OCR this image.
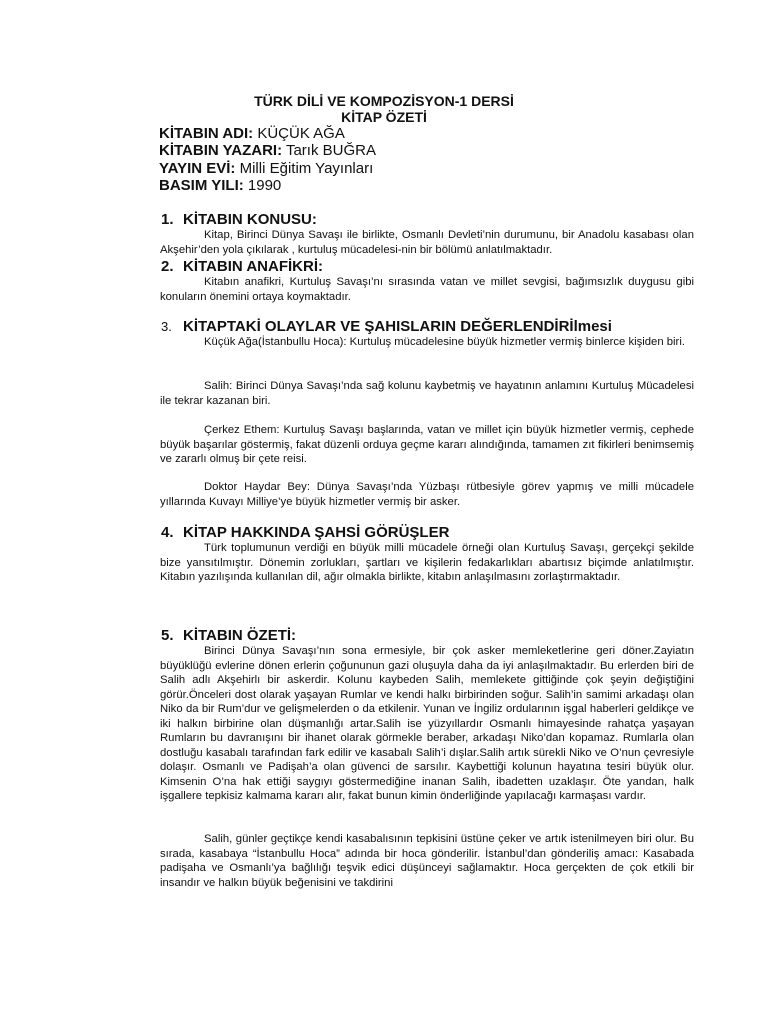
TÜRK DİLİ VE KOMPOZİSYON-1 DERSİ
KİTAP ÖZETİ
KİTABIN ADI: KÜÇÜK AĞA
KİTABIN YAZARI: Tarık BUĞRA
YAYIN EVİ: Milli Eğitim Yayınları
BASIM YILI: 1990
1. KİTABIN KONUSU:
Kitap, Birinci Dünya Savaşı ile birlikte, Osmanlı Devleti’nin durumunu, bir Anadolu kasabası olan Akşehir’den yola çıkılarak , kurtuluş mücadelesi-nin bir bölümü anlatılmaktadır.
2. KİTABIN ANAFİKRİ:
Kitabın anafikri, Kurtuluş Savaşı’nı sırasında vatan ve millet sevgisi, bağımsızlık duygusu gibi konuların önemini ortaya koymaktadır.
3. KİTAPTAKİ OLAYLAR VE ŞAHISLARIN DEĞERLENDİRİlmesi
Küçük Ağa(İstanbullu Hoca): Kurtuluş mücadelesine büyük hizmetler vermiş binlerce kişiden biri.
Salih: Birinci Dünya Savaşı’nda sağ kolunu kaybetmiş ve hayatının anlamını Kurtuluş Mücadelesi ile tekrar kazanan biri.
Çerkez Ethem: Kurtuluş Savaşı başlarında, vatan ve millet için büyük hizmetler vermiş, cephede büyük başarılar göstermiş, fakat düzenli orduya geçme kararı alındığında, tamamen zıt fikirleri benimsemiş ve zararlı olmuş bir çete reisi.
Doktor Haydar Bey: Dünya Savaşı’nda Yüzbaşı rütbesiyle görev yapmış ve milli mücadele yıllarında Kuvayı Milliye’ye büyük hizmetler vermiş bir asker.
4. KİTAP HAKKINDA ŞAHSİ GÖRÜŞLER
Türk toplumunun verdiği en büyük milli mücadele örneği olan Kurtuluş Savaşı, gerçekçi şekilde bize yansıtılmıştır. Dönemin zorlukları, şartları ve kişilerin fedakarlıkları abartısız biçimde anlatılmıştır. Kitabın yazılışında kullanılan dil, ağır olmakla birlikte, kitabın anlaşılmasını zorlaştırmaktadır.
5. KİTABIN ÖZETİ:
Birinci Dünya Savaşı’nın sona ermesiyle, bir çok asker memleketlerine geri döner.Zayiatın büyüklüğü evlerine dönen erlerin çoğununun gazi oluşuyla daha da iyi anlaşılmaktadır. Bu erlerden biri de Salih adlı Akşehirlı bir askerdir. Kolunu kaybeden Salih, memlekete gittiğinde çok şeyin değiştiğini görür.Önceleri dost olarak yaşayan Rumlar ve kendi halkı birbirinden soğur. Salih’in samimi arkadaşı olan Niko da bir Rum’dur ve gelişmelerden o da etkilenir. Yunan ve İngiliz ordularının işgal haberleri geldikçe ve iki halkın birbirine olan düşmanlığı artar.Salih ise yüzyıllardır Osmanlı himayesinde rahatça yaşayan Rumların bu davranışını bir ihanet olarak görmekle beraber, arkadaşı Niko’dan kopamaz. Rumlarla olan dostluğu kasabalı tarafından fark edilir ve kasabalı Salih’i dışlar.Salih artık sürekli Niko ve O’nun çevresiyle dolaşır. Osmanlı ve Padişah’a olan güvenci de sarsılır. Kaybettiği kolunun hayatına tesiri büyük olur. Kimsenin O’na hak ettiği saygıyı göstermediğine inanan Salih, ibadetten uzaklaşır. Öte yandan, halk işgallere tepkisiz kalmama kararı alır, fakat bunun kimin önderliğinde yapılacağı karmaşası vardır.
Salih, günler geçtikçe kendi kasabalısının tepkisini üstüne çeker ve artık istenilmeyen biri olur. Bu sırada, kasabaya “İstanbullu Hoca” adında bir hoca gönderilir. İstanbul’dan gönderiliş amacı: Kasabada padişaha ve Osmanlı’ya bağlılığı teşvik edici düşünceyi sağlamaktır. Hoca gerçekten de çok etkili bir insandır ve halkın büyük beğenisini ve takdirini
